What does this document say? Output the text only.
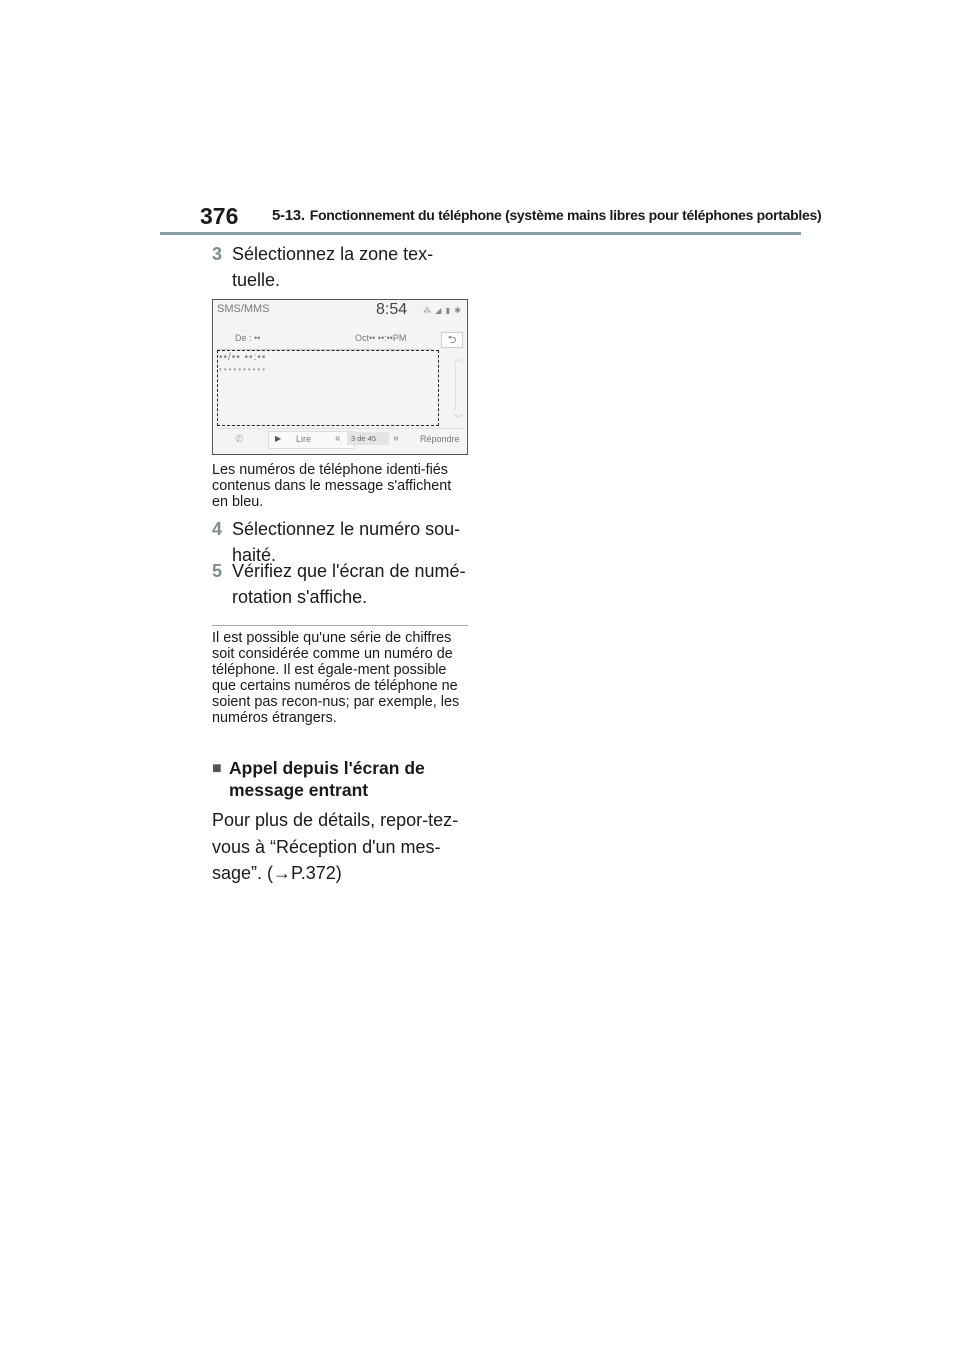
376 5-13. Fonctionnement du téléphone (système mains libres pour téléphones portables)
3 Sélectionnez la zone tex-tuelle.
SMS/MMS	8:54 ⁂ ◢ ▮ ✱
⮌
De : ••	Oct•• ••:••PM
••/•• ••:••
••••••••••
︽
︾
✆	▶ Lire « 3 de 45 » Répondre
Les numéros de téléphone identi-fiés contenus dans le message s'affichent en bleu.
4 Sélectionnez le numéro sou-haité.
5 Vérifiez que l'écran de numé-rotation s'affiche.
Il est possible qu'une série de chiffres soit considérée comme un numéro de téléphone. Il est égale-ment possible que certains numéros de téléphone ne soient pas recon-nus; par exemple, les numéros étrangers.
■ Appel depuis l'écran de message entrant
Pour plus de détails, repor-tez-vous à “Réception d'un mes-sage”. (→P.372)
